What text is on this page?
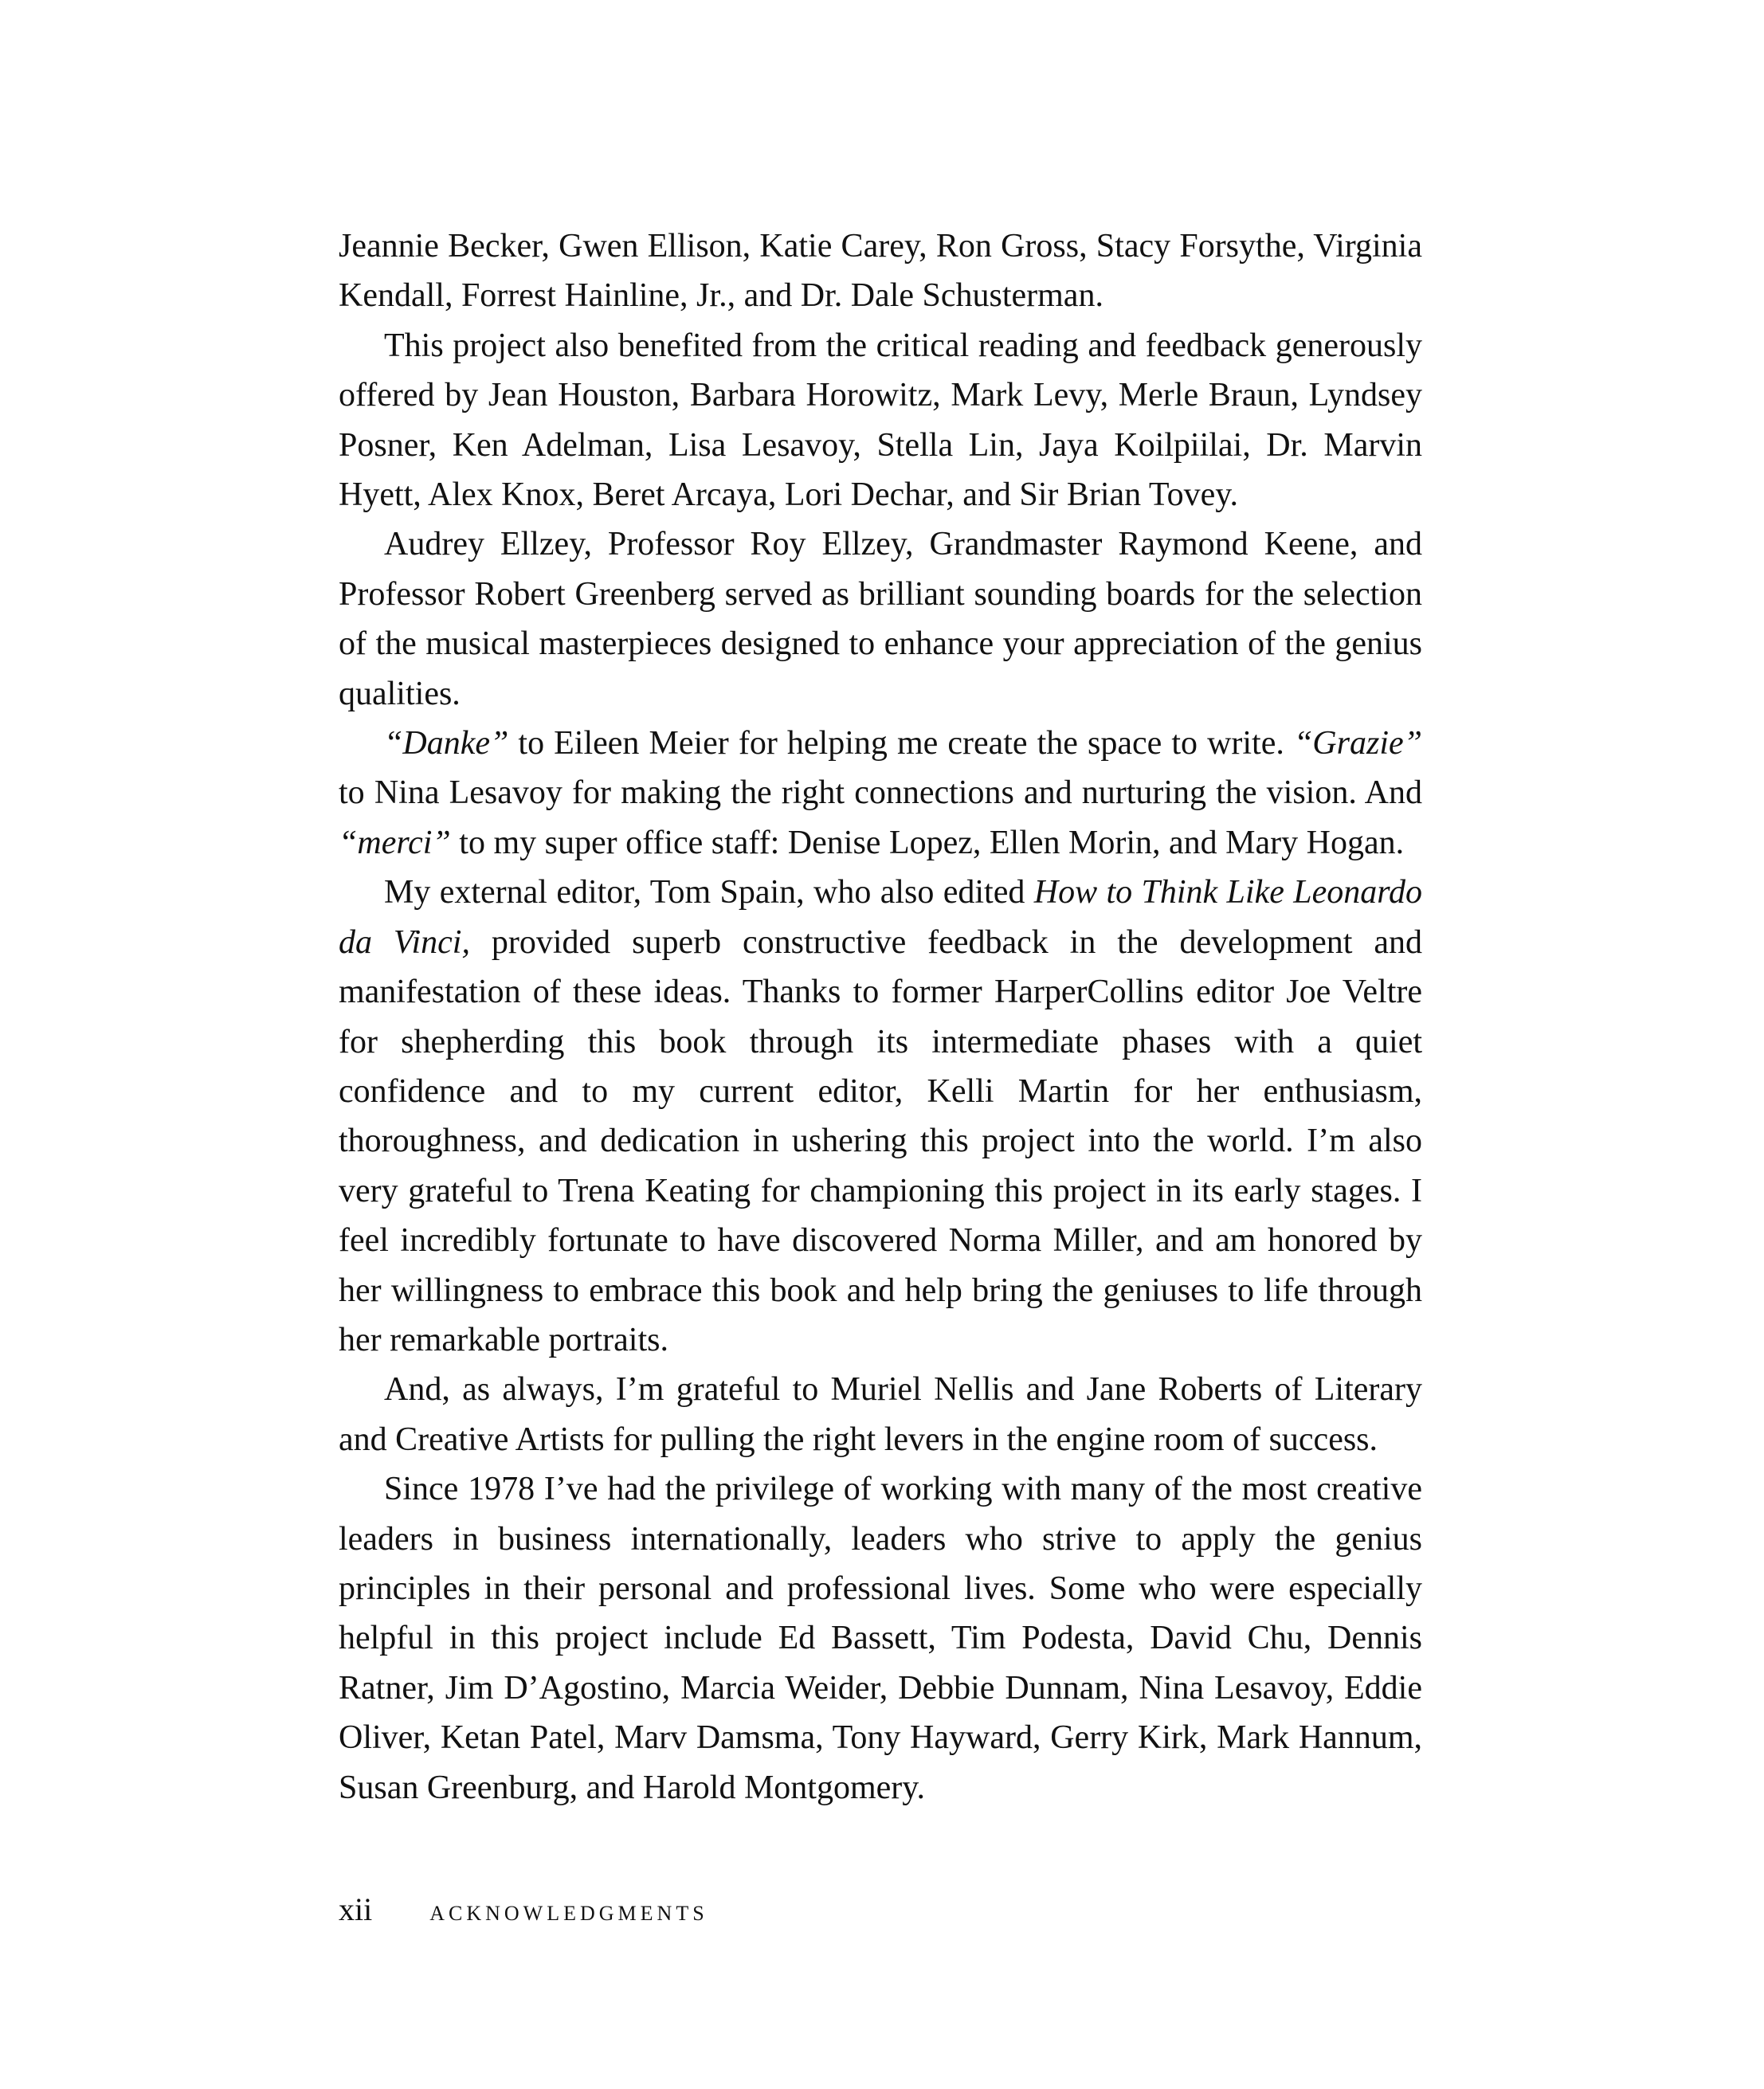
Jeannie Becker, Gwen Ellison, Katie Carey, Ron Gross, Stacy Forsythe, Virginia Kendall, Forrest Hainline, Jr., and Dr. Dale Schusterman.

This project also benefited from the critical reading and feedback generously offered by Jean Houston, Barbara Horowitz, Mark Levy, Merle Braun, Lyndsey Posner, Ken Adelman, Lisa Lesavoy, Stella Lin, Jaya Koilpiilai, Dr. Marvin Hyett, Alex Knox, Beret Arcaya, Lori Dechar, and Sir Brian Tovey.

Audrey Ellzey, Professor Roy Ellzey, Grandmaster Raymond Keene, and Professor Robert Greenberg served as brilliant sounding boards for the selection of the musical masterpieces designed to enhance your appreciation of the genius qualities.

“Danke” to Eileen Meier for helping me create the space to write. “Grazie” to Nina Lesavoy for making the right connections and nurturing the vision. And “merci” to my super office staff: Denise Lopez, Ellen Morin, and Mary Hogan.

My external editor, Tom Spain, who also edited How to Think Like Leonardo da Vinci, provided superb constructive feedback in the development and manifestation of these ideas. Thanks to former HarperCollins editor Joe Veltre for shepherding this book through its intermediate phases with a quiet confidence and to my current editor, Kelli Martin for her enthusiasm, thoroughness, and dedication in ushering this project into the world. I’m also very grateful to Trena Keating for championing this project in its early stages. I feel incredibly fortunate to have discovered Norma Miller, and am honored by her willingness to embrace this book and help bring the geniuses to life through her remarkable portraits.

And, as always, I’m grateful to Muriel Nellis and Jane Roberts of Literary and Creative Artists for pulling the right levers in the engine room of success.

Since 1978 I’ve had the privilege of working with many of the most creative leaders in business internationally, leaders who strive to apply the genius principles in their personal and professional lives. Some who were especially helpful in this project include Ed Bassett, Tim Podesta, David Chu, Dennis Ratner, Jim D’Agostino, Marcia Weider, Debbie Dunnam, Nina Lesavoy, Eddie Oliver, Ketan Patel, Marv Damsma, Tony Hayward, Gerry Kirk, Mark Hannum, Susan Greenburg, and Harold Montgomery.

xii	ACKNOWLEDGMENTS
